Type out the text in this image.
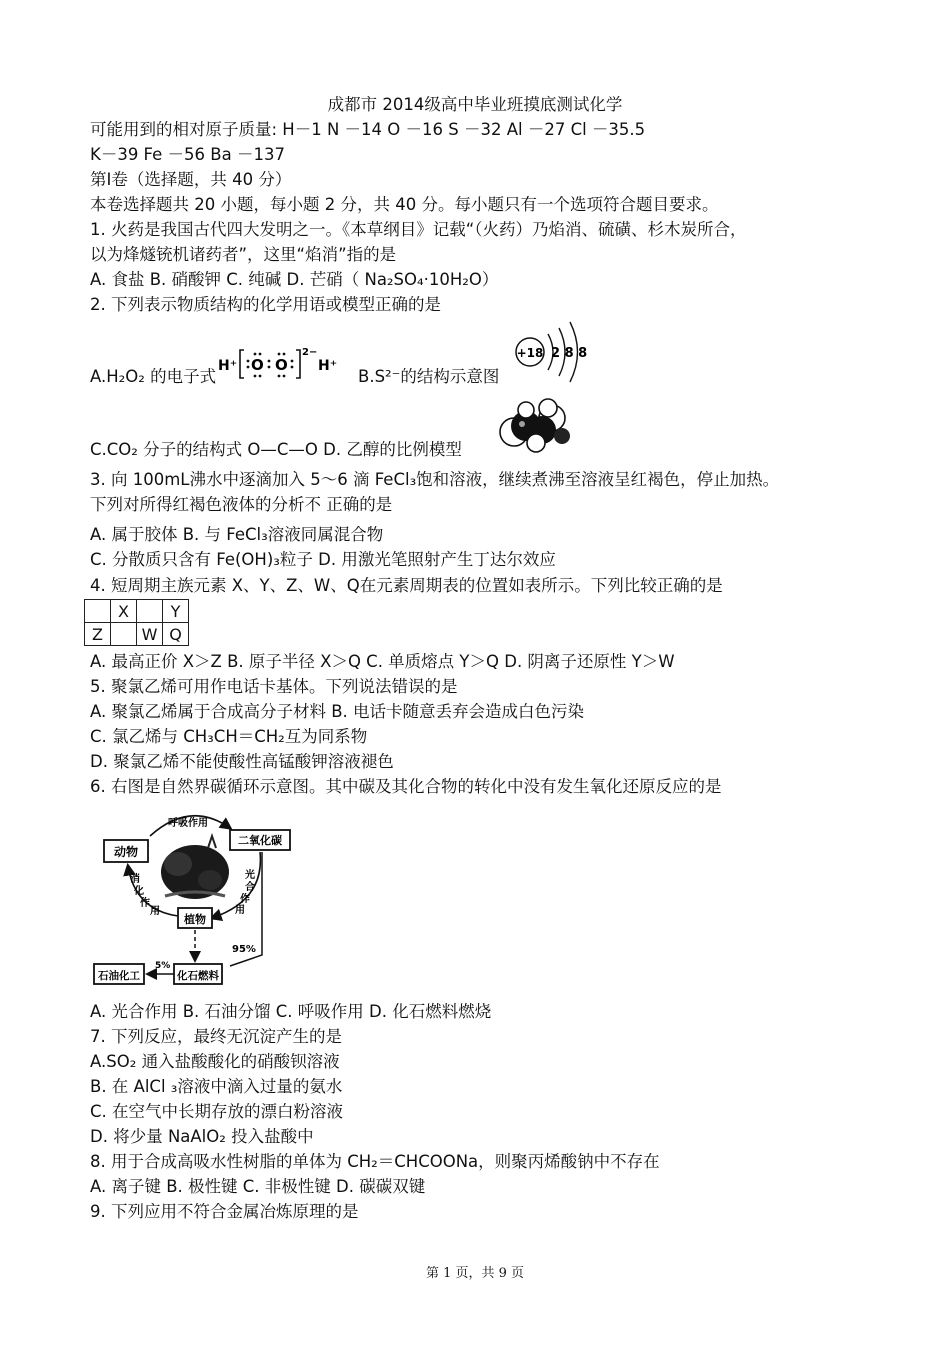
成都市 2014级高中毕业班摸底测试化学
可能用到的相对原子质量: H－1 N －14 O －16 S －32 Al －27 Cl －35.5
K－39 Fe －56 Ba －137
第Ⅰ卷（选择题，共 40 分）
本卷选择题共 20 小题，每小题 2 分，共 40 分。每小题只有一个选项符合题目要求。
1. 火药是我国古代四大发明之一。《本草纲目》记载“（火药）乃焰消、硫磺、杉木炭所合，
以为烽燧铳机诸药者”，这里“焰消”指的是
A. 食盐 B. 硝酸钾 C. 纯碱 D. 芒硝（ Na₂SO₄·10H₂O）
2. 下列表示物质结构的化学用语或模型正确的是
A.H₂O₂ 的电子式
H⁺ O O
2−
H⁺
B.S²⁻的结构示意图
+18 2 8 8
C.CO₂ 分子的结构式 O—C—O D. 乙醇的比例模型
3. 向 100mL沸水中逐滴加入 5～6 滴 FeCl₃饱和溶液，继续煮沸至溶液呈红褐色，停止加热。
下列对所得红褐色液体的分析不 正确的是
A. 属于胶体 B. 与 FeCl₃溶液同属混合物
C. 分散质只含有 Fe(OH)₃粒子 D. 用激光笔照射产生丁达尔效应
4. 短周期主族元素 X、Y、Z、W、Q在元素周期表的位置如表所示。下列比较正确的是
	X		Y
Z		W	Q
A. 最高正价 X＞Z B. 原子半径 X＞Q C. 单质熔点 Y＞Q D. 阴离子还原性 Y＞W
5. 聚氯乙烯可用作电话卡基体。下列说法错误的是
A. 聚氯乙烯属于合成高分子材料 B. 电话卡随意丢弃会造成白色污染
C. 氯乙烯与 CH₃CH＝CH₂互为同系物
D. 聚氯乙烯不能使酸性高锰酸钾溶液褪色
6. 右图是自然界碳循环示意图。其中碳及其化合物的转化中没有发生氧化还原反应的是
呼吸作用
二氧化碳
动物
光
合
作
用
消
化
作
用
植物
95%
化石燃料
5%
石油化工
A. 光合作用 B. 石油分馏 C. 呼吸作用 D. 化石燃料燃烧
7. 下列反应，最终无沉淀产生的是
A.SO₂ 通入盐酸酸化的硝酸钡溶液
B. 在 AlCl ₃溶液中滴入过量的氨水
C. 在空气中长期存放的漂白粉溶液
D. 将少量 NaAlO₂ 投入盐酸中
8. 用于合成高吸水性树脂的单体为 CH₂＝CHCOONa，则聚丙烯酸钠中不存在
A. 离子键 B. 极性键 C. 非极性键 D. 碳碳双键
9. 下列应用不符合金属冶炼原理的是
第 1 页，共 9 页
